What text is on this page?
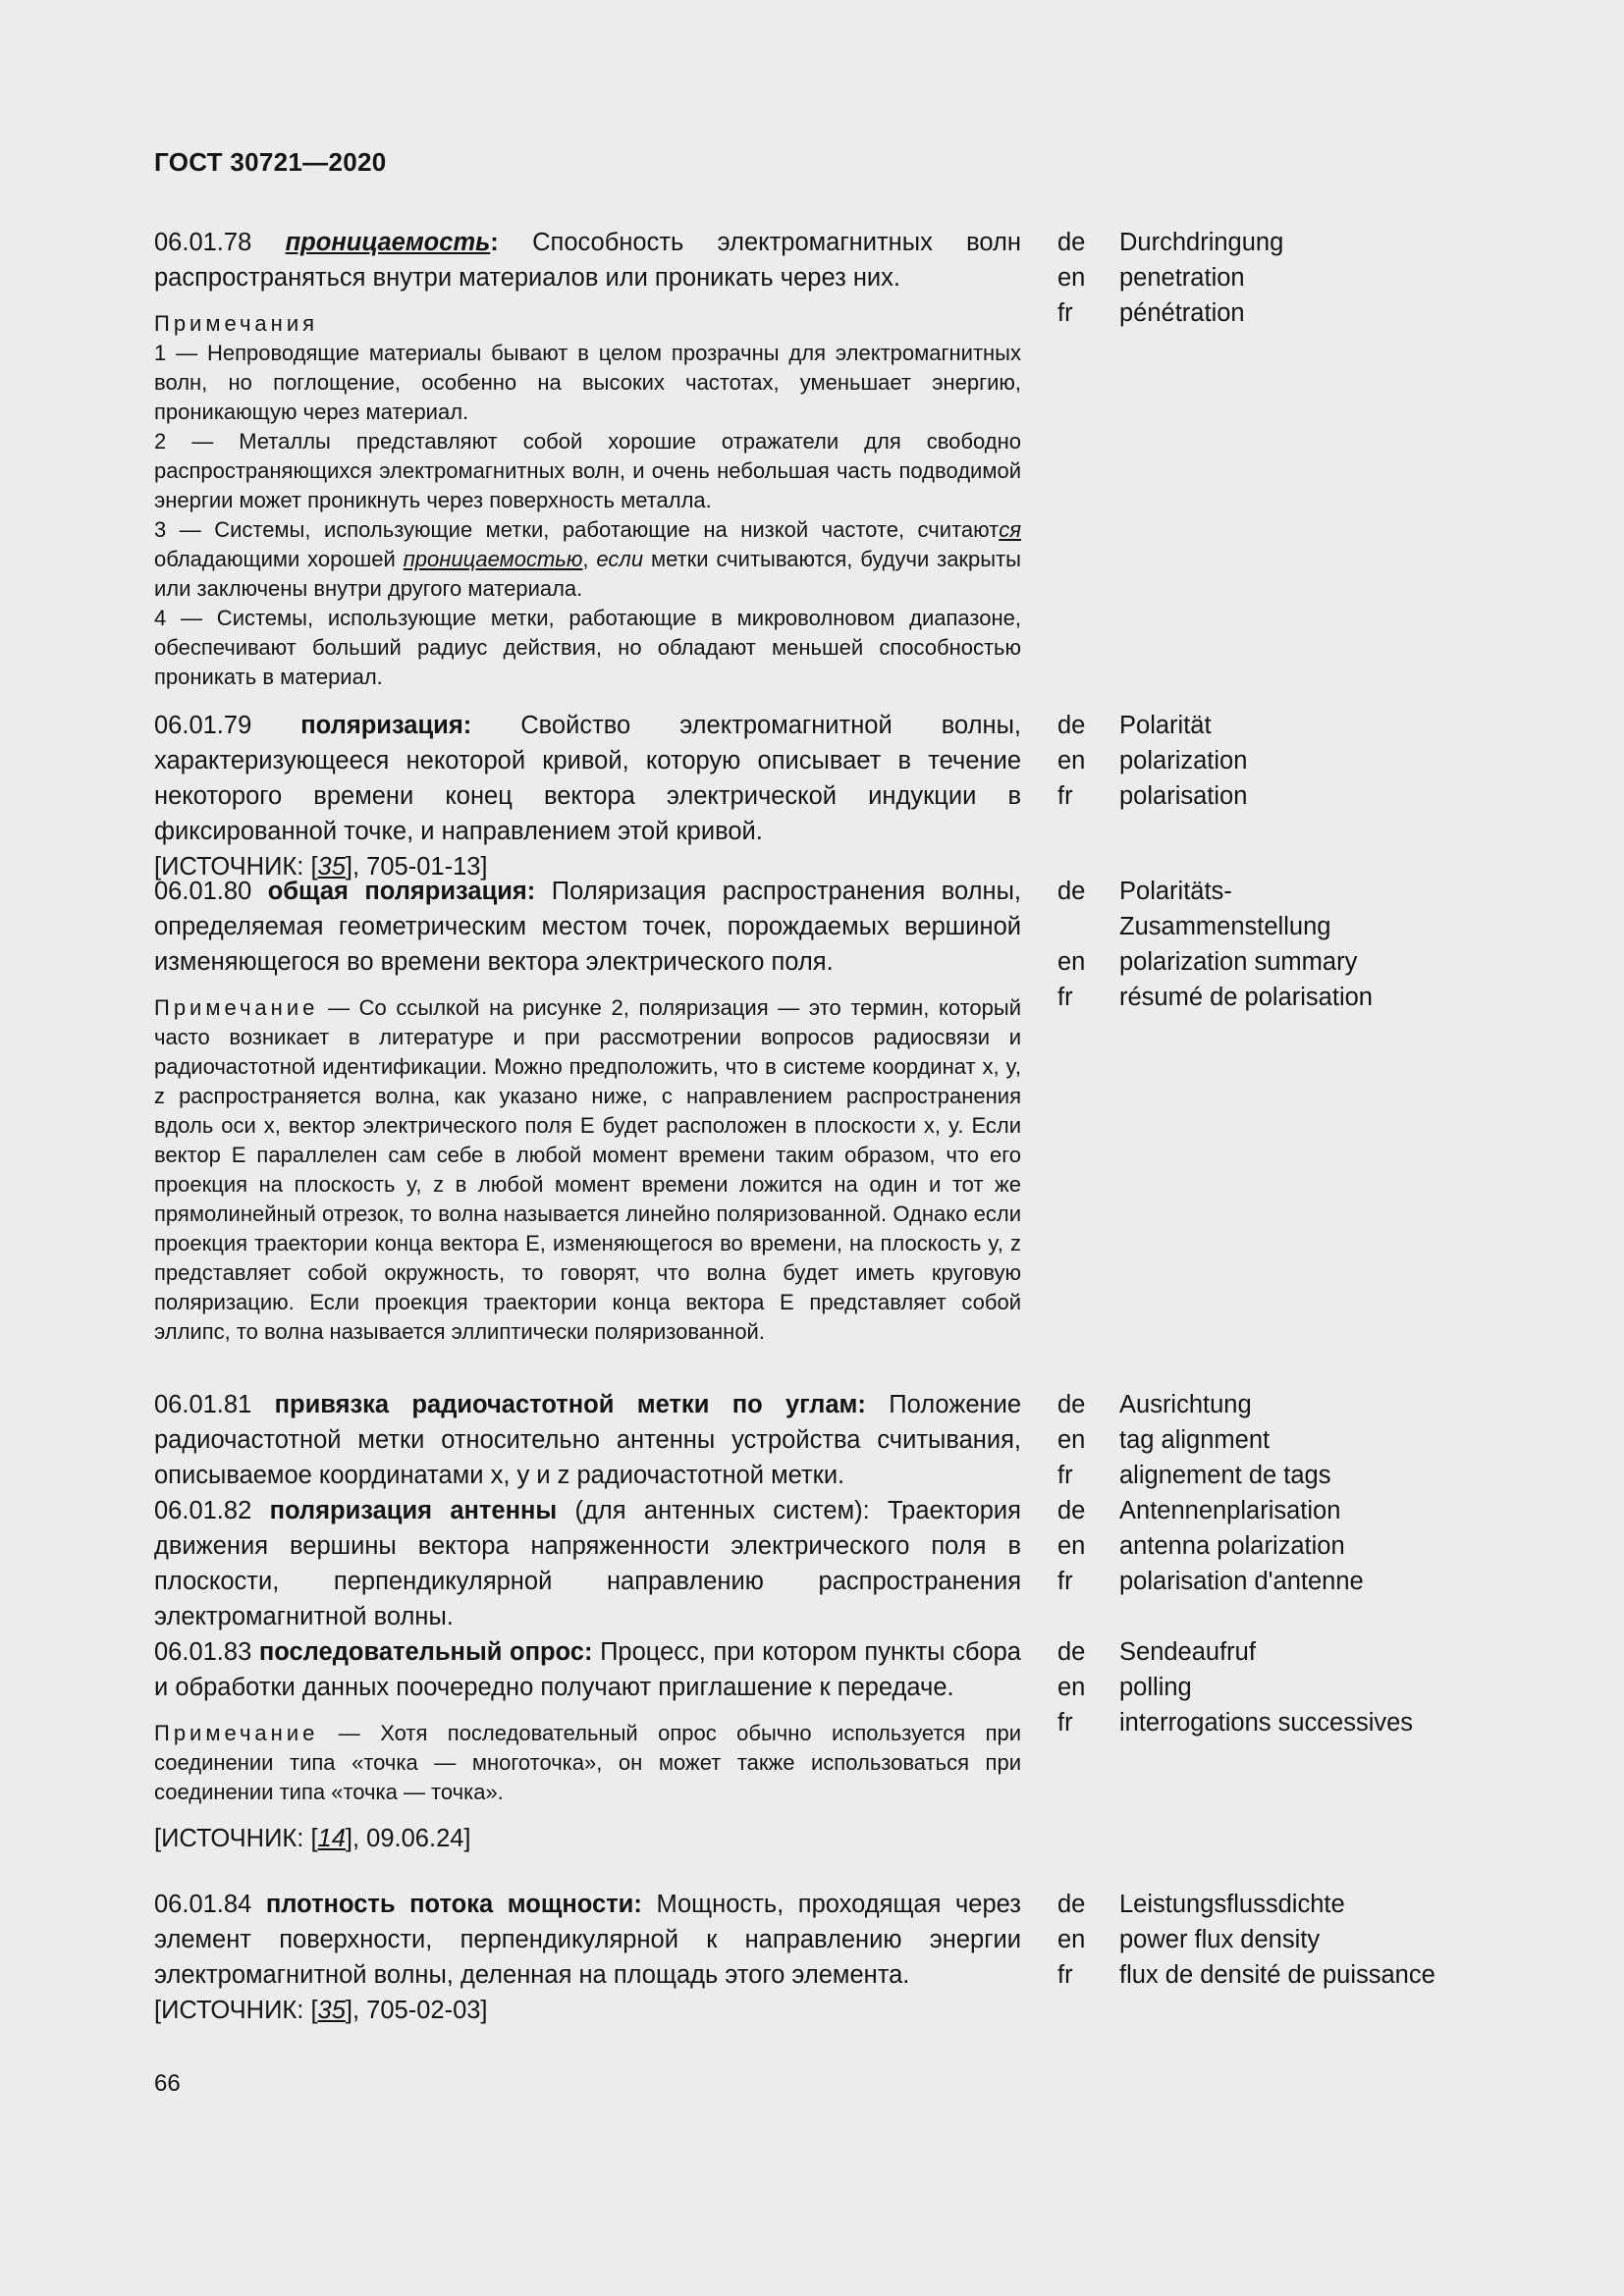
ГОСТ 30721—2020
06.01.78 проницаемость: Способность электромагнитных волн распространяться внутри материалов или проникать через них.
Примечания
1 — Непроводящие материалы бывают в целом прозрачны для электромагнитных волн, но поглощение, особенно на высоких частотах, уменьшает энергию, проникающую через материал.
2 — Металлы представляют собой хорошие отражатели для свободно распространяющихся электромагнитных волн, и очень небольшая часть подводимой энергии может проникнуть через поверхность металла.
3 — Системы, использующие метки, работающие на низкой частоте, считаются обладающими хорошей проницаемостью, если метки считываются, будучи закрыты или заключены внутри другого материала.
4 — Системы, использующие метки, работающие в микроволновом диапазоне, обеспечивают больший радиус действия, но обладают меньшей способностью проникать в материал.
de	Durchdringung
en	penetration
fr	pénétration
06.01.79 поляризация: Свойство электромагнитной волны, характеризующееся некоторой кривой, которую описывает в течение некоторого времени конец вектора электрической индукции в фиксированной точке, и направлением этой кривой.
[ИСТОЧНИК: [35], 705-01-13]
de	Polarität
en	polarization
fr	polarisation
06.01.80 общая поляризация: Поляризация распространения волны, определяемая геометрическим местом точек, порождаемых вершиной изменяющегося во времени вектора электрического поля.
Примечание — Со ссылкой на рисунке 2, поляризация — это термин, который часто возникает в литературе и при рассмотрении вопросов радиосвязи и радиочастотной идентификации. Можно предположить, что в системе координат x, y, z распространяется волна, как указано ниже, с направлением распространения вдоль оси x, вектор электрического поля E будет расположен в плоскости x, y. Если вектор E параллелен сам себе в любой момент времени таким образом, что его проекция на плоскость y, z в любой момент времени ложится на один и тот же прямолинейный отрезок, то волна называется линейно поляризованной. Однако если проекция траектории конца вектора E, изменяющегося во времени, на плоскость y, z представляет собой окружность, то говорят, что волна будет иметь круговую поляризацию. Если проекция траектории конца вектора E представляет собой эллипс, то волна называется эллиптически поляризованной.
de	Polaritäts-
Zusammenstellung
en	polarization summary
fr	résumé de polarisation
06.01.81 привязка радиочастотной метки по углам: Положение радиочастотной метки относительно антенны устройства считывания, описываемое координатами x, y и z радиочастотной метки.
de	Ausrichtung
en	tag alignment
fr	alignement de tags
06.01.82 поляризация антенны (для антенных систем): Траектория движения вершины вектора напряженности электрического поля в плоскости, перпендикулярной направлению распространения электромагнитной волны.
de	Antennenplarisation
en	antenna polarization
fr	polarisation d'antenne
06.01.83 последовательный опрос: Процесс, при котором пункты сбора и обработки данных поочередно получают приглашение к передаче.
Примечание — Хотя последовательный опрос обычно используется при соединении типа «точка — многоточка», он может также использоваться при соединении типа «точка — точка».
[ИСТОЧНИК: [14], 09.06.24]
de	Sendeaufruf
en	polling
fr	interrogations successives
06.01.84 плотность потока мощности: Мощность, проходящая через элемент поверхности, перпендикулярной к направлению энергии электромагнитной волны, деленная на площадь этого элемента.
[ИСТОЧНИК: [35], 705-02-03]
de	Leistungsflussdichte
en	power flux density
fr	flux de densité de puissance
66
